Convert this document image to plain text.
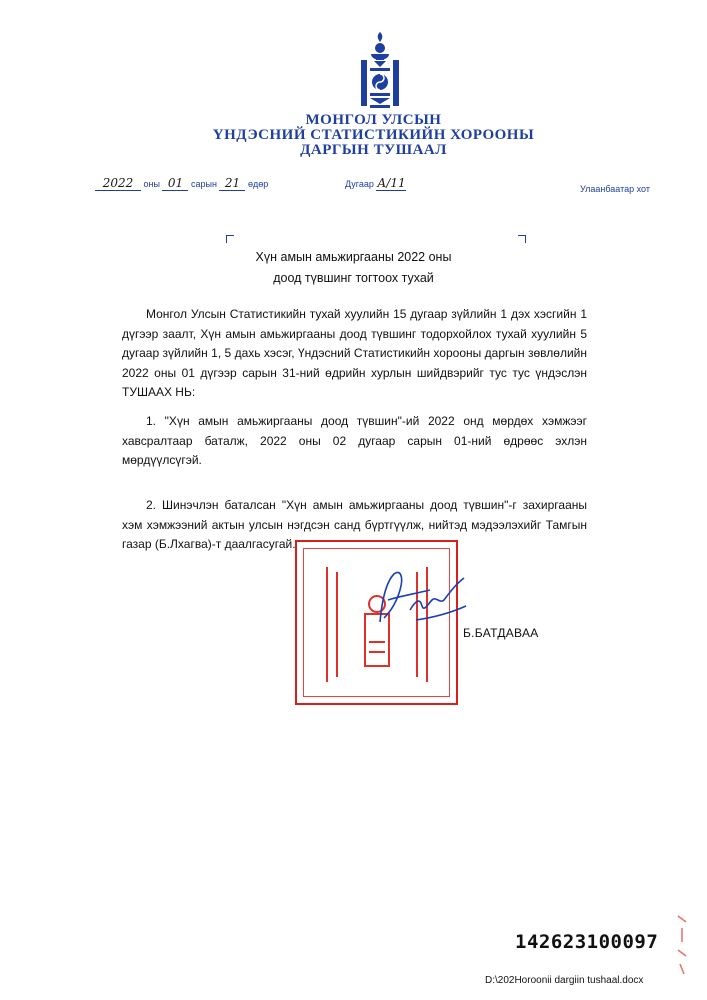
МОНГОЛ УЛСЫН
ҮНДЭСНИЙ СТАТИСТИКИЙН ХОРООНЫ
ДАРГЫН ТУШААЛ
2022 оны 01 сарын 21 өдөр	Дугаар А/11	Улаанбаатар хот
Хүн амын амьжиргааны 2022 оны
доод түвшинг тогтоох тухай
Монгол Улсын Статистикийн тухай хуулийн 15 дугаар зүйлийн 1 дэх хэсгийн 1 дүгээр заалт, Хүн амын амьжиргааны доод түвшинг тодорхойлох тухай хуулийн 5 дугаар зүйлийн 1, 5 дахь хэсэг, Үндэсний Статистикийн хорооны даргын зөвлөлийн 2022 оны 01 дүгээр сарын 31-ний өдрийн хурлын шийдвэрийг тус тус үндэслэн ТУШААХ НЬ:
1. "Хүн амын амьжиргааны доод түвшин"-ий 2022 онд мөрдөх хэмжээг хавсралтаар баталж, 2022 оны 02 дугаар сарын 01-ний өдрөөс эхлэн мөрдүүлсүгэй.
2. Шинэчлэн баталсан "Хүн амын амьжиргааны доод түвшин"-г захиргааны хэм хэмжээний актын улсын нэгдсэн санд бүртгүүлж, нийтэд мэдээлэхийг Тамгын газар (Б.Лхагва)-т даалгасугай.
Б.БАТДАВАА
142623100097
D:\202Horoonii dargiin tushaal.docx
